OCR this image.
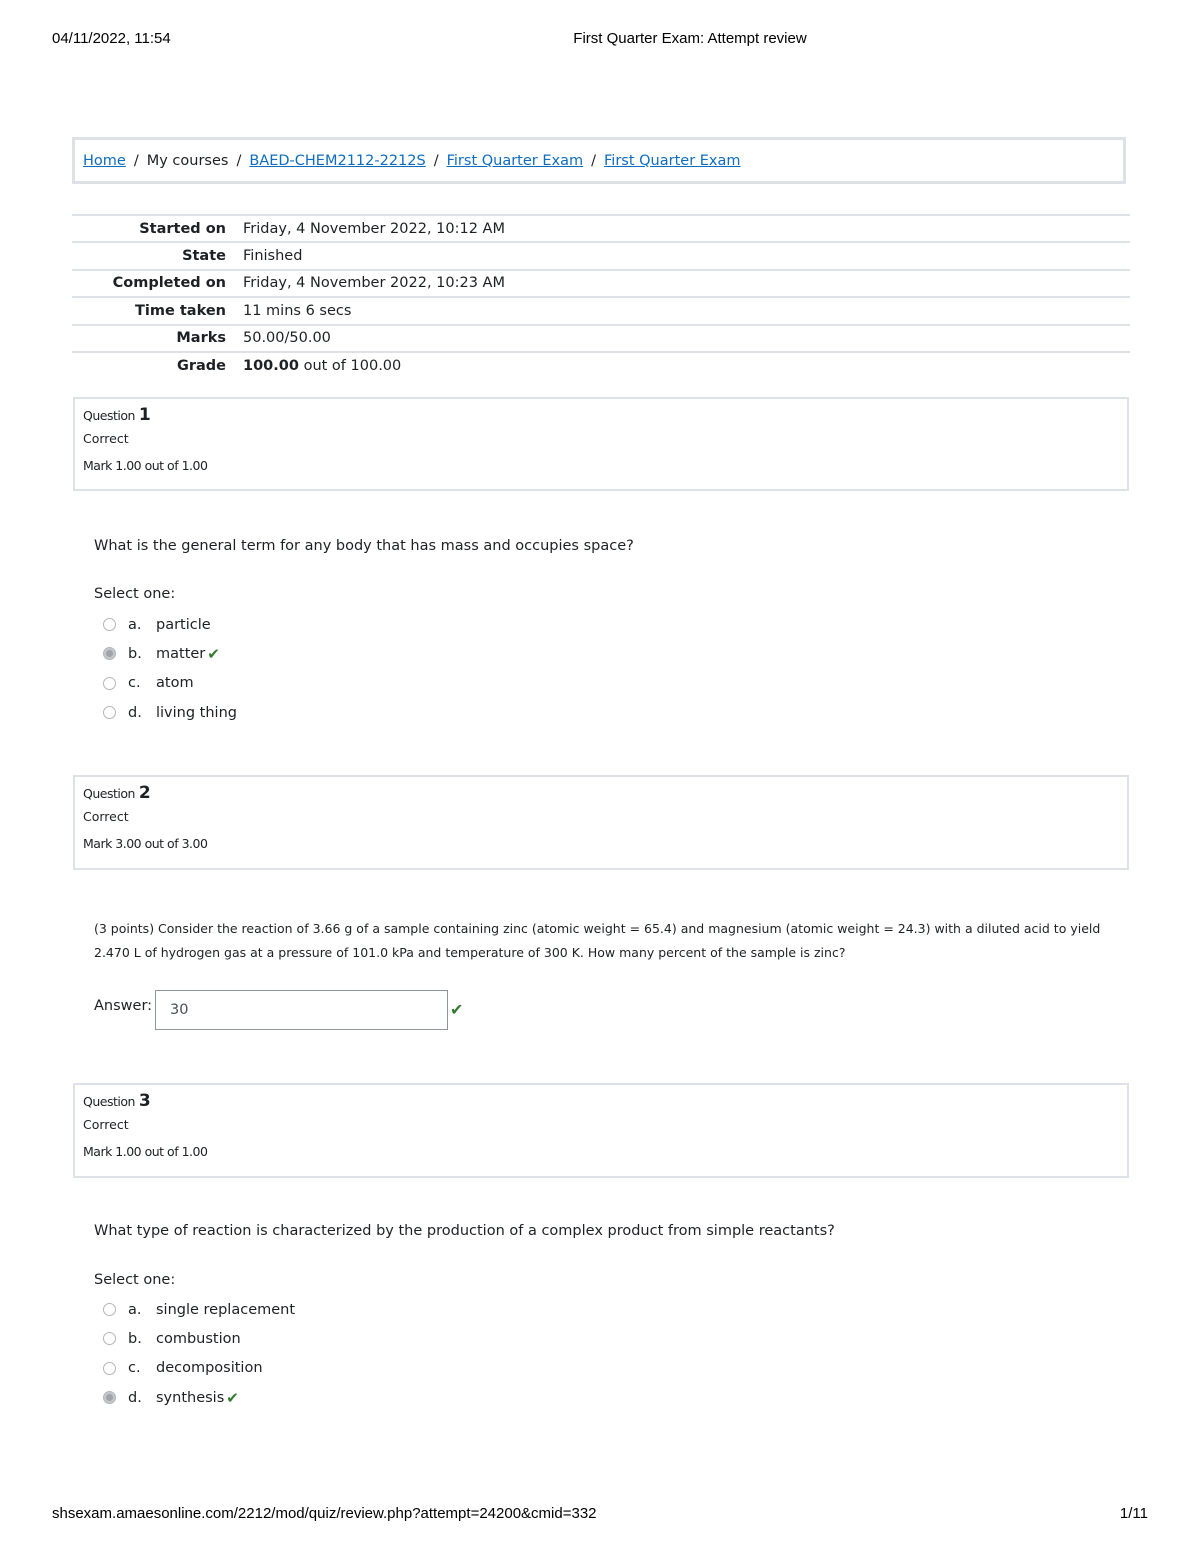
04/11/2022, 11:54	First Quarter Exam: Attempt review
Home / My courses / BAED-CHEM2112-2212S / First Quarter Exam / First Quarter Exam
Started on	Friday, 4 November 2022, 10:12 AM
State	Finished
Completed on	Friday, 4 November 2022, 10:23 AM
Time taken	11 mins 6 secs
Marks	50.00/50.00
Grade	100.00 out of 100.00
Question 1
Correct
Mark 1.00 out of 1.00
What is the general term for any body that has mass and occupies space?
Select one:
a.	particle
b. matter ✔
c.	atom
d. living thing
Question 2
Correct
Mark 3.00 out of 3.00
(3 points) Consider the reaction of 3.66 g of a sample containing zinc (atomic weight = 65.4) and magnesium (atomic weight = 24.3) with a diluted acid to yield 2.470 L of hydrogen gas at a pressure of 101.0 kPa and temperature of 300 K. How many percent of the sample is zinc?
Answer:
30	✔
Question 3
Correct
Mark 1.00 out of 1.00
What type of reaction is characterized by the production of a complex product from simple reactants?
Select one:
a.	single replacement
b. combustion
c.	decomposition
d. synthesis ✔
shsexam.amaesonline.com/2212/mod/quiz/review.php?attempt=24200&cmid=332	1/11
